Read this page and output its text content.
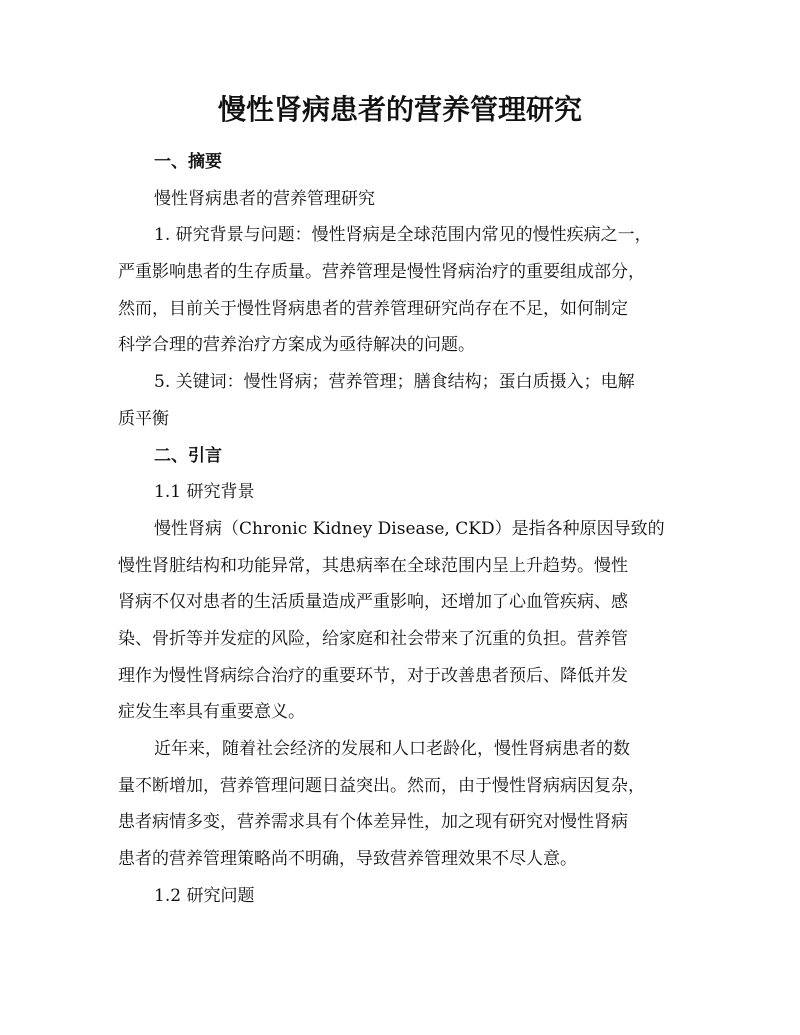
慢性肾病患者的营养管理研究
一、摘要
慢性肾病患者的营养管理研究
1. 研究背景与问题：慢性肾病是全球范围内常见的慢性疾病之一，
严重影响患者的生存质量。营养管理是慢性肾病治疗的重要组成部分，
然而，目前关于慢性肾病患者的营养管理研究尚存在不足，如何制定
科学合理的营养治疗方案成为亟待解决的问题。
5. 关键词：慢性肾病；营养管理；膳食结构；蛋白质摄入；电解
质平衡
二、引言
1.1 研究背景
慢性肾病（Chronic Kidney Disease, CKD）是指各种原因导致的
慢性肾脏结构和功能异常，其患病率在全球范围内呈上升趋势。慢性
肾病不仅对患者的生活质量造成严重影响，还增加了心血管疾病、感
染、骨折等并发症的风险，给家庭和社会带来了沉重的负担。营养管
理作为慢性肾病综合治疗的重要环节，对于改善患者预后、降低并发
症发生率具有重要意义。
近年来，随着社会经济的发展和人口老龄化，慢性肾病患者的数
量不断增加，营养管理问题日益突出。然而，由于慢性肾病病因复杂，
患者病情多变，营养需求具有个体差异性，加之现有研究对慢性肾病
患者的营养管理策略尚不明确，导致营养管理效果不尽人意。
1.2 研究问题
